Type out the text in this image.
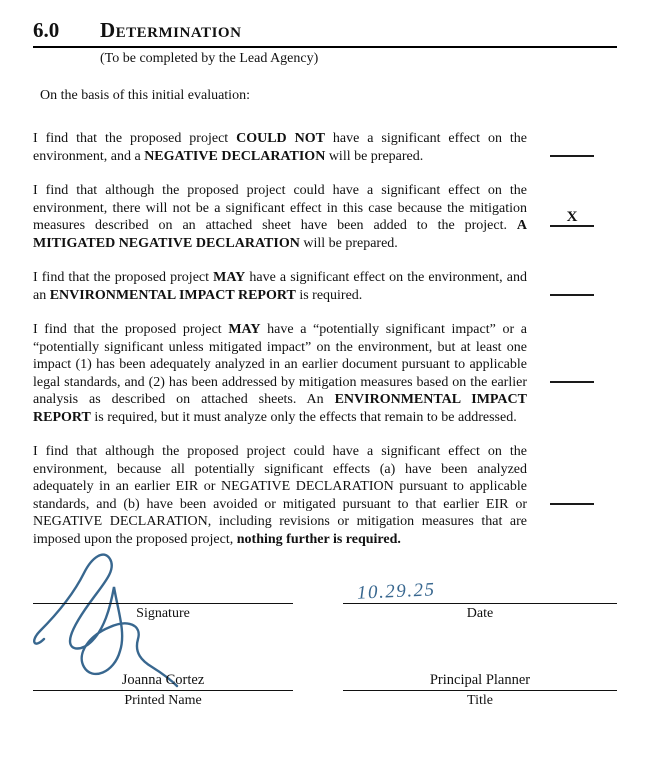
6.0	Determination
(To be completed by the Lead Agency)
On the basis of this initial evaluation:

I find that the proposed project COULD NOT have a significant effect on the environment, and a NEGATIVE DECLARATION will be prepared.

I find that although the proposed project could have a significant effect on the environment, there will not be a significant effect in this case because the mitigation measures described on an attached sheet have been added to the project. A MITIGATED NEGATIVE DECLARATION will be prepared.

X

I find that the proposed project MAY have a significant effect on the environment, and an ENVIRONMENTAL IMPACT REPORT is required.

I find that the proposed project MAY have a “potentially significant impact” or a “potentially significant unless mitigated impact” on the environment, but at least one impact (1) has been adequately analyzed in an earlier document pursuant to applicable legal standards, and (2) has been addressed by mitigation measures based on the earlier analysis as described on attached sheets. An ENVIRONMENTAL IMPACT REPORT is required, but it must analyze only the effects that remain to be addressed.

I find that although the proposed project could have a significant effect on the environment, because all potentially significant effects (a) have been analyzed adequately in an earlier EIR or NEGATIVE DECLARATION pursuant to applicable standards, and (b) have been avoided or mitigated pursuant to that earlier EIR or NEGATIVE DECLARATION, including revisions or mitigation measures that are imposed upon the proposed project, nothing further is required.

Signature
10.29.25
Date
Joanna Cortez
Printed Name
Principal Planner
Title
